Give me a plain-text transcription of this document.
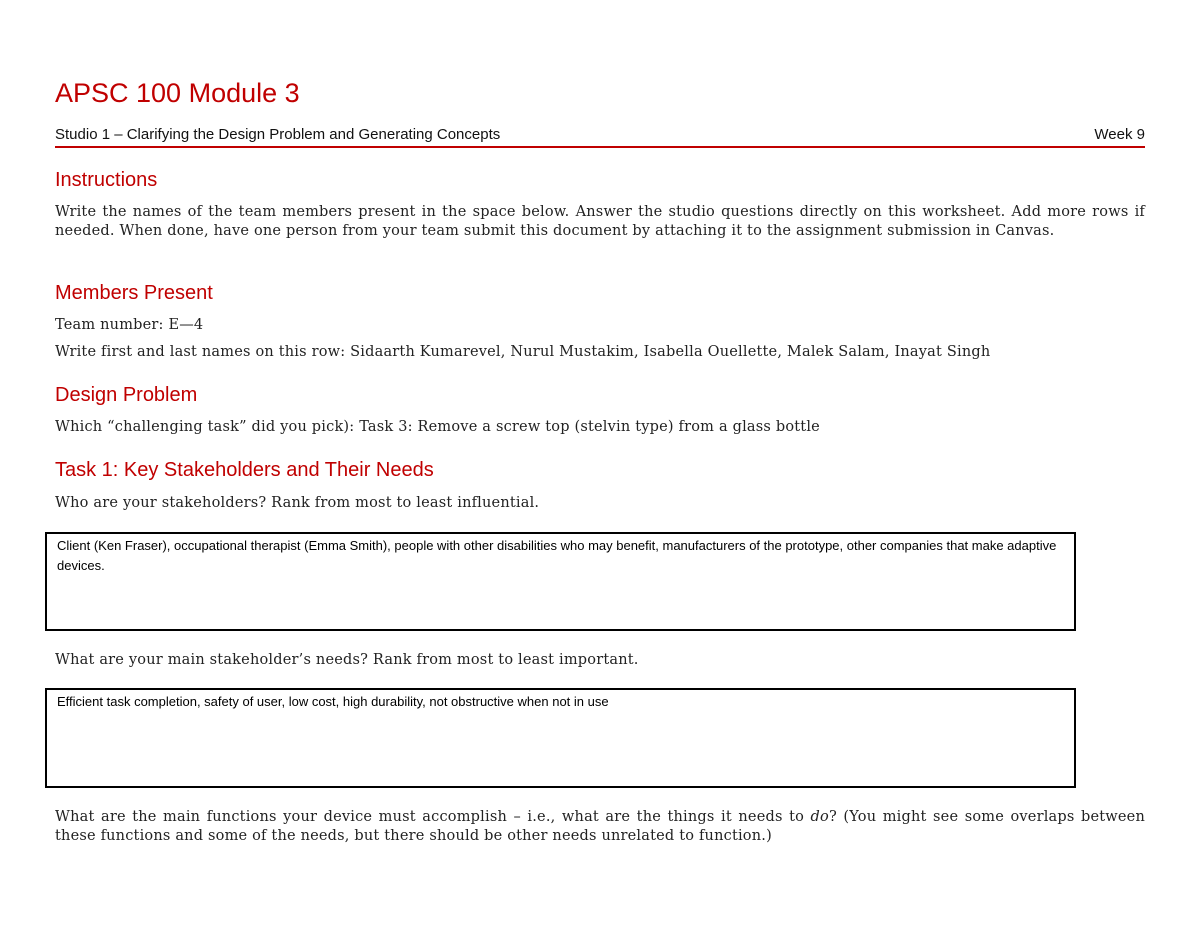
APSC 100 Module 3
Studio 1 – Clarifying the Design Problem and Generating Concepts	Week 9
Instructions
Write the names of the team members present in the space below. Answer the studio questions directly on this worksheet. Add more rows if needed. When done, have one person from your team submit this document by attaching it to the assignment submission in Canvas.
Members Present
Team number: E—4
Write first and last names on this row: Sidaarth Kumarevel, Nurul Mustakim, Isabella Ouellette, Malek Salam, Inayat Singh
Design Problem
Which “challenging task” did you pick): Task 3: Remove a screw top (stelvin type) from a glass bottle
Task 1: Key Stakeholders and Their Needs
Who are your stakeholders? Rank from most to least influential.
Client (Ken Fraser), occupational therapist (Emma Smith), people with other disabilities who may benefit, manufacturers of the prototype, other companies that make adaptive devices.
What are your main stakeholder’s needs? Rank from most to least important.
Efficient task completion, safety of user, low cost, high durability, not obstructive when not in use
What are the main functions your device must accomplish – i.e., what are the things it needs to do? (You might see some overlaps between these functions and some of the needs, but there should be other needs unrelated to function.)
